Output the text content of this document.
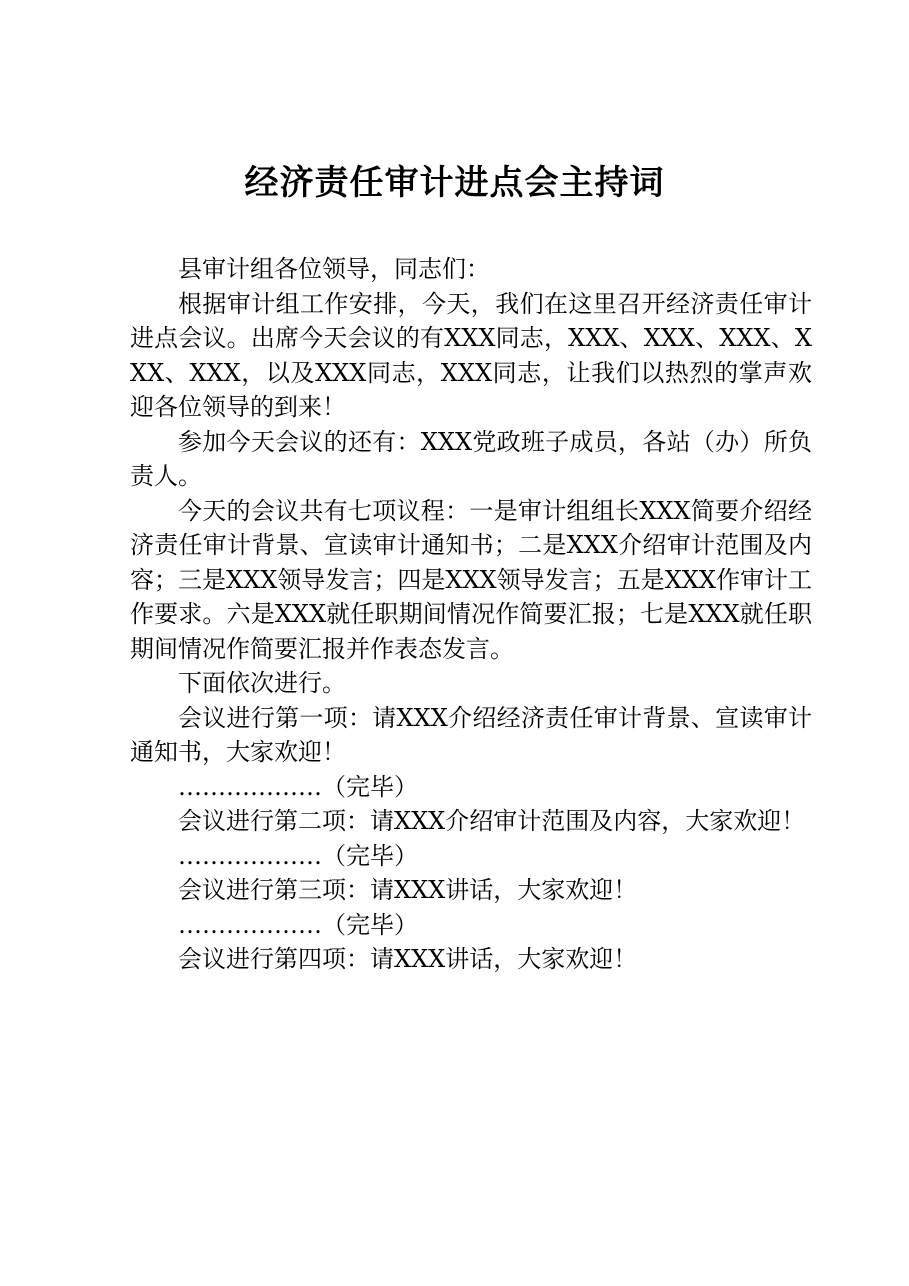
经济责任审计进点会主持词

县审计组各位领导，同志们：

根据审计组工作安排，今天，我们在这里召开经济责任审计进点会议。出席今天会议的有XXX同志，XXX、XXX、XXX、XXX、XXX，以及XXX同志，XXX同志，让我们以热烈的掌声欢迎各位领导的到来！

参加今天会议的还有：XXX党政班子成员，各站（办）所负责人。

今天的会议共有七项议程：一是审计组组长XXX简要介绍经济责任审计背景、宣读审计通知书；二是XXX介绍审计范围及内容；三是XXX领导发言；四是XXX领导发言；五是XXX作审计工作要求。六是XXX就任职期间情况作简要汇报；七是XXX就任职期间情况作简要汇报并作表态发言。

下面依次进行。

会议进行第一项：请XXX介绍经济责任审计背景、宣读审计通知书，大家欢迎！

………………（完毕）

会议进行第二项：请XXX介绍审计范围及内容，大家欢迎！

………………（完毕）

会议进行第三项：请XXX讲话，大家欢迎！

………………（完毕）

会议进行第四项：请XXX讲话，大家欢迎！
